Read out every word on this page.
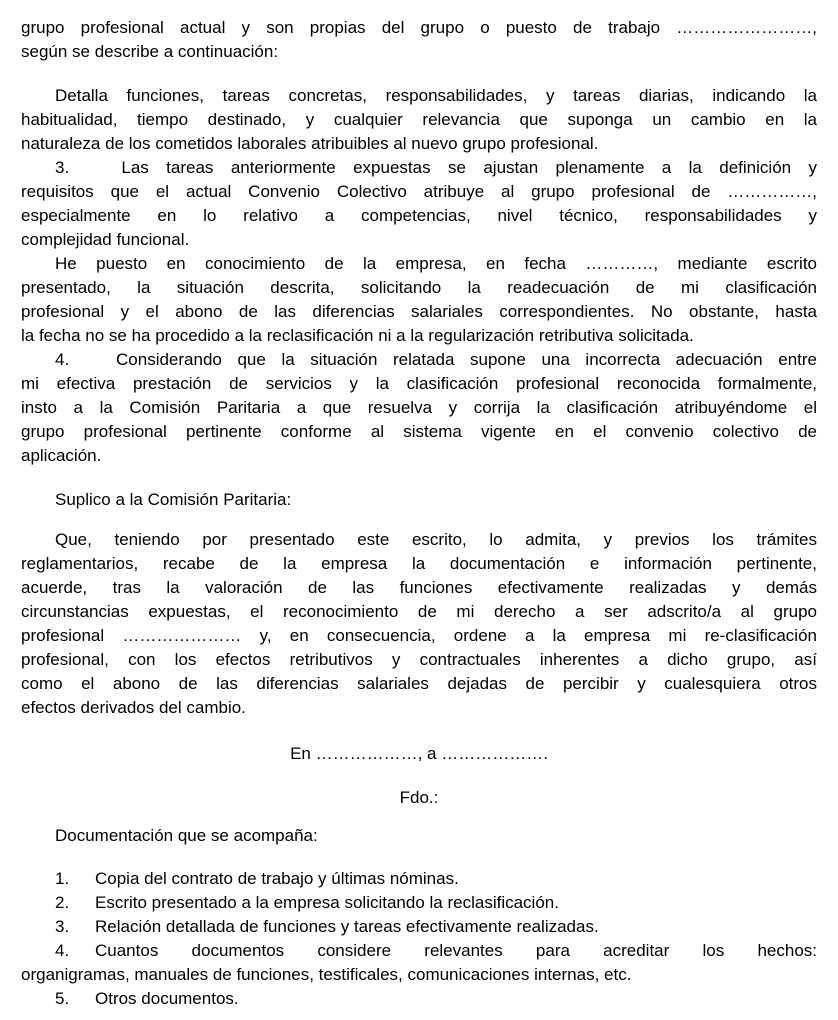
grupo profesional actual y son propias del grupo o puesto de trabajo ……………………,
según se describe a continuación:
Detalla funciones, tareas concretas, responsabilidades, y tareas diarias, indicando la
habitualidad, tiempo destinado, y cualquier relevancia que suponga un cambio en la
naturaleza de los cometidos laborales atribuibles al nuevo grupo profesional.
3.   Las tareas anteriormente expuestas se ajustan plenamente a la definición y
requisitos que el actual Convenio Colectivo atribuye al grupo profesional de ……………,
especialmente en lo relativo a competencias, nivel técnico, responsabilidades y
complejidad funcional.
He puesto en conocimiento de la empresa, en fecha …………, mediante escrito
presentado, la situación descrita, solicitando la readecuación de mi clasificación
profesional y el abono de las diferencias salariales correspondientes. No obstante, hasta
la fecha no se ha procedido a la reclasificación ni a la regularización retributiva solicitada.
4.   Considerando que la situación relatada supone una incorrecta adecuación entre
mi efectiva prestación de servicios y la clasificación profesional reconocida formalmente,
insto a la Comisión Paritaria a que resuelva y corrija la clasificación atribuyéndome el
grupo profesional pertinente conforme al sistema vigente en el convenio colectivo de
aplicación.
Suplico a la Comisión Paritaria:
Que, teniendo por presentado este escrito, lo admita, y previos los trámites
reglamentarios, recabe de la empresa la documentación e información pertinente,
acuerde, tras la valoración de las funciones efectivamente realizadas y demás
circunstancias expuestas, el reconocimiento de mi derecho a ser adscrito/a al grupo
profesional ………………… y, en consecuencia, ordene a la empresa mi re-clasificación
profesional, con los efectos retributivos y contractuales inherentes a dicho grupo, así
como el abono de las diferencias salariales dejadas de percibir y cualesquiera otros
efectos derivados del cambio.
En ………………, a ……………….
Fdo.:
Documentación que se acompaña:
1. Copia del contrato de trabajo y últimas nóminas.
2. Escrito presentado a la empresa solicitando la reclasificación.
3. Relación detallada de funciones y tareas efectivamente realizadas.
4. Cuantos documentos considere relevantes para acreditar los hechos:
organigramas, manuales de funciones, testificales, comunicaciones internas, etc.
5. Otros documentos.
